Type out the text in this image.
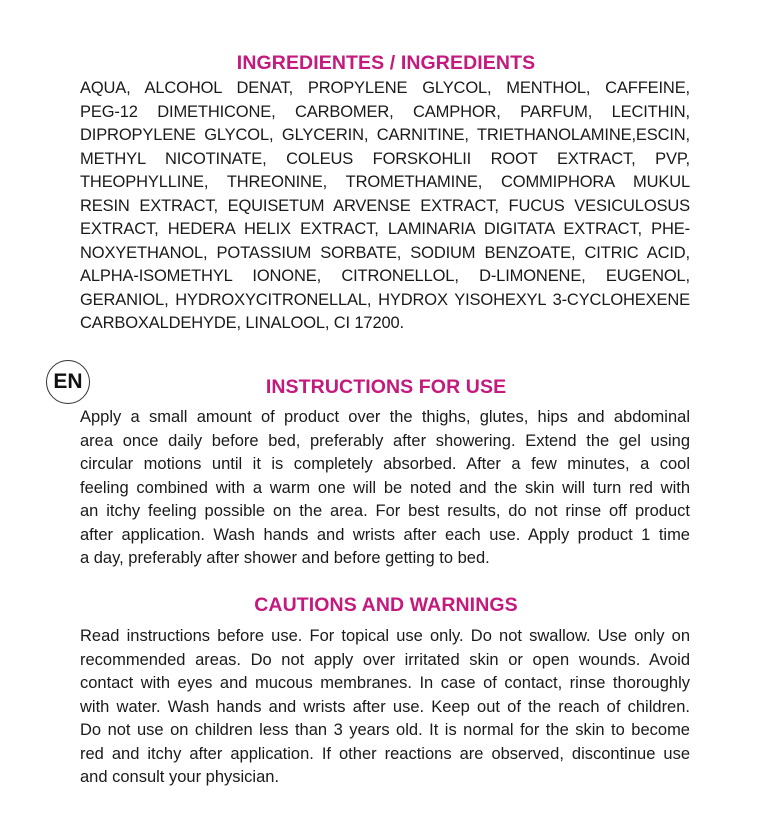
INGREDIENTES / INGREDIENTS
AQUA, ALCOHOL DENAT, PROPYLENE GLYCOL, MENTHOL, CAFFEINE,
PEG-12 DIMETHICONE, CARBOMER, CAMPHOR, PARFUM, LECITHIN,
DIPROPYLENE GLYCOL, GLYCERIN, CARNITINE, TRIETHANOLAMINE,ESCIN,
METHYL NICOTINATE, COLEUS FORSKOHLII ROOT EXTRACT, PVP,
THEOPHYLLINE, THREONINE, TROMETHAMINE, COMMIPHORA MUKUL
RESIN EXTRACT, EQUISETUM ARVENSE EXTRACT, FUCUS VESICULOSUS
EXTRACT, HEDERA HELIX EXTRACT, LAMINARIA DIGITATA EXTRACT, PHE-
NOXYETHANOL, POTASSIUM SORBATE, SODIUM BENZOATE, CITRIC ACID,
ALPHA-ISOMETHYL IONONE, CITRONELLOL, D-LIMONENE, EUGENOL,
GERANIOL, HYDROXYCITRONELLAL, HYDROX YISOHEXYL 3-CYCLOHEXENE
CARBOXALDEHYDE, LINALOOL, CI 17200.
EN	INSTRUCTIONS FOR USE
Apply a small amount of product over the thighs, glutes, hips and abdominal
area once daily before bed, preferably after showering. Extend the gel using
circular motions until it is completely absorbed. After a few minutes, a cool
feeling combined with a warm one will be noted and the skin will turn red with
an itchy feeling possible on the area. For best results, do not rinse off product
after application. Wash hands and wrists after each use. Apply product 1 time
a day, preferably after shower and before getting to bed.
CAUTIONS AND WARNINGS
Read instructions before use. For topical use only. Do not swallow. Use only on
recommended areas. Do not apply over irritated skin or open wounds. Avoid
contact with eyes and mucous membranes. In case of contact, rinse thoroughly
with water. Wash hands and wrists after use. Keep out of the reach of children.
Do not use on children less than 3 years old. It is normal for the skin to become
red and itchy after application. If other reactions are observed, discontinue use
and consult your physician.
